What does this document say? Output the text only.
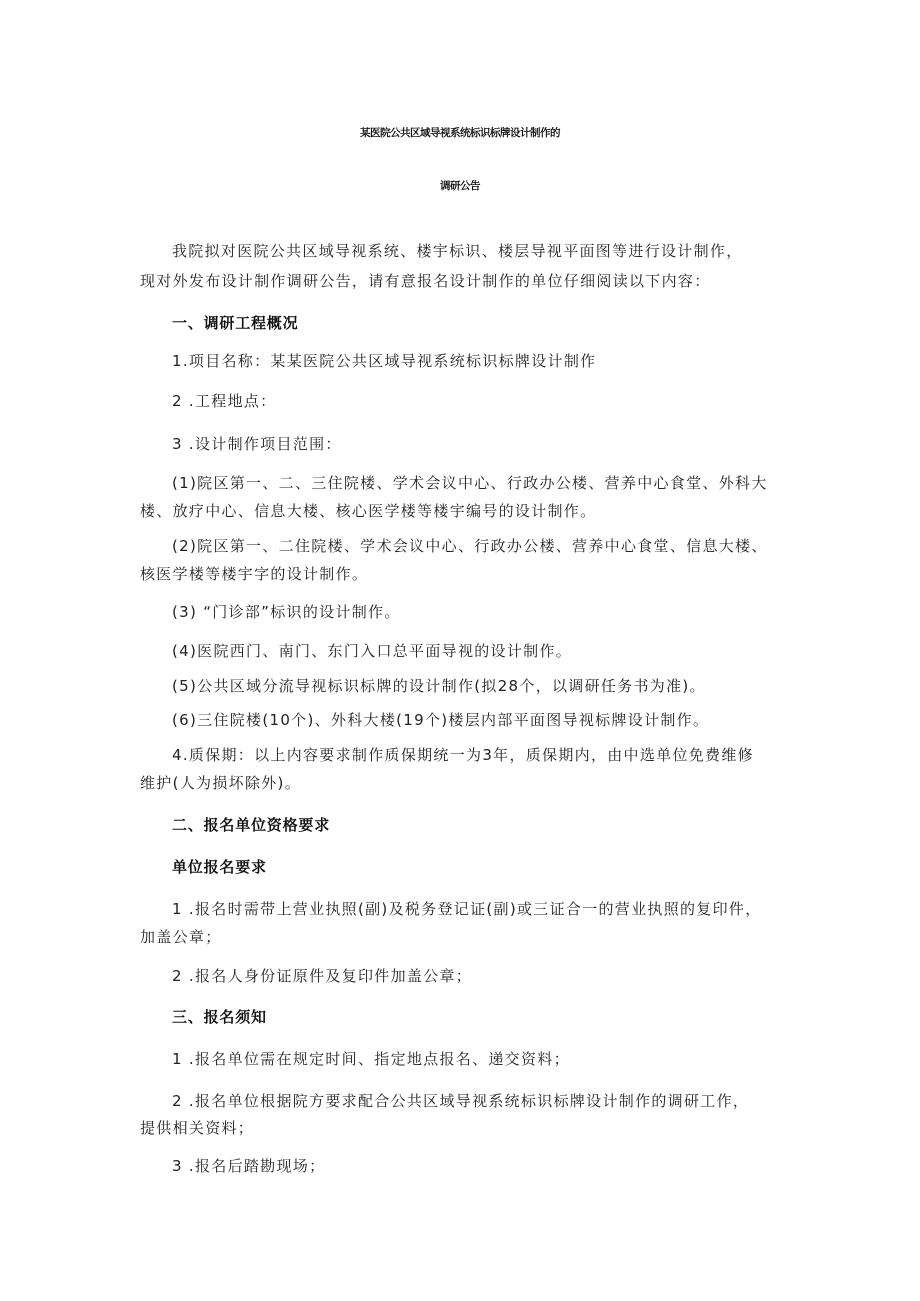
某医院公共区域导视系统标识标牌设计制作的
调研公告
我院拟对医院公共区域导视系统、楼宇标识、楼层导视平面图等进行设计制作，
现对外发布设计制作调研公告，请有意报名设计制作的单位仔细阅读以下内容：
一、调研工程概况
1.项目名称：某某医院公共区域导视系统标识标牌设计制作
2 .工程地点：
3 .设计制作项目范围：
(1)院区第一、二、三住院楼、学术会议中心、行政办公楼、营养中心食堂、外科大
楼、放疗中心、信息大楼、核心医学楼等楼宇编号的设计制作。
(2)院区第一、二住院楼、学术会议中心、行政办公楼、营养中心食堂、信息大楼、
核医学楼等楼宇字的设计制作。
(3) “门诊部”标识的设计制作。
(4)医院西门、南门、东门入口总平面导视的设计制作。
(5)公共区域分流导视标识标牌的设计制作(拟28个，以调研任务书为准)。
(6)三住院楼(10个)、外科大楼(19个)楼层内部平面图导视标牌设计制作。
4.质保期：以上内容要求制作质保期统一为3年，质保期内，由中选单位免费维修
维护(人为损坏除外)。
二、报名单位资格要求
单位报名要求
1 .报名时需带上营业执照(副)及税务登记证(副)或三证合一的营业执照的复印件，
加盖公章；
2 .报名人身份证原件及复印件加盖公章；
三、报名须知
1 .报名单位需在规定时间、指定地点报名、递交资料；
2 .报名单位根据院方要求配合公共区域导视系统标识标牌设计制作的调研工作，
提供相关资料；
3 .报名后踏勘现场；
